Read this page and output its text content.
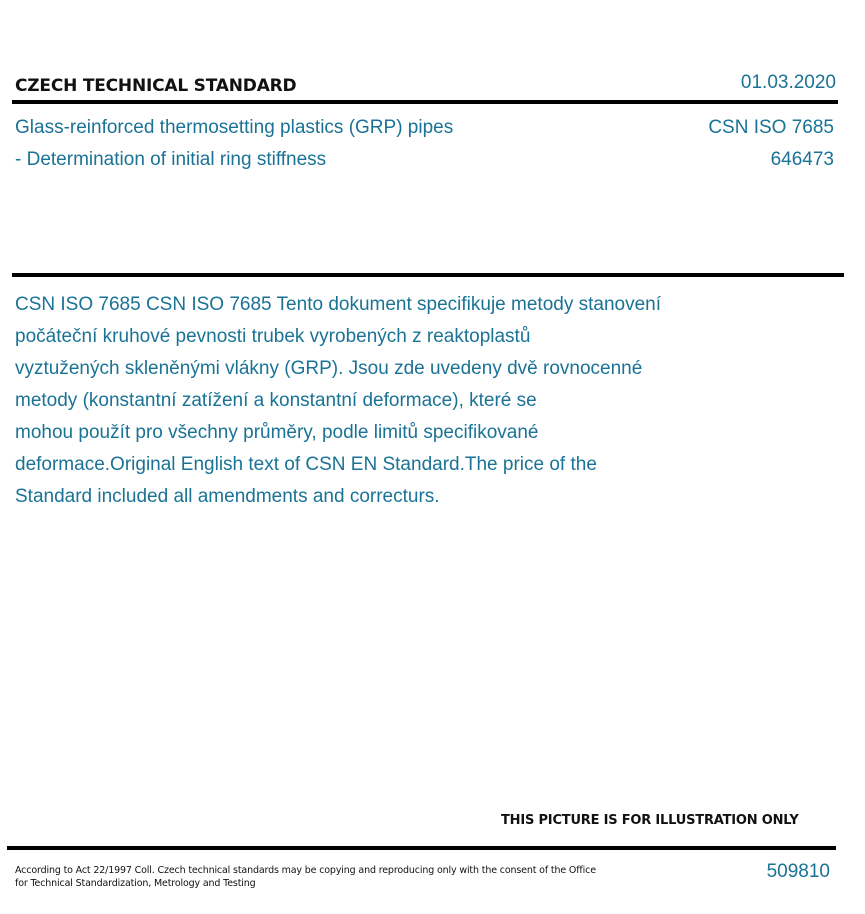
CZECH TECHNICAL STANDARD	01.03.2020
Glass-reinforced thermosetting plastics (GRP) pipes
- Determination of initial ring stiffness
CSN ISO 7685
646473
CSN ISO 7685 CSN ISO 7685 Tento dokument specifikuje metody stanovení
počáteční kruhové pevnosti trubek vyrobených z reaktoplastů
vyztužených skleněnými vlákny (GRP). Jsou zde uvedeny dvě rovnocenné
metody (konstantní zatížení a konstantní deformace), které se
mohou použít pro všechny průměry, podle limitů specifikované
deformace.Original English text of CSN EN Standard.The price of the
Standard included all amendments and correcturs.
THIS PICTURE IS FOR ILLUSTRATION ONLY
According to Act 22/1997 Coll. Czech technical standards may be copying and reproducing only with the consent of the Office
for Technical Standardization, Metrology and Testing
509810
